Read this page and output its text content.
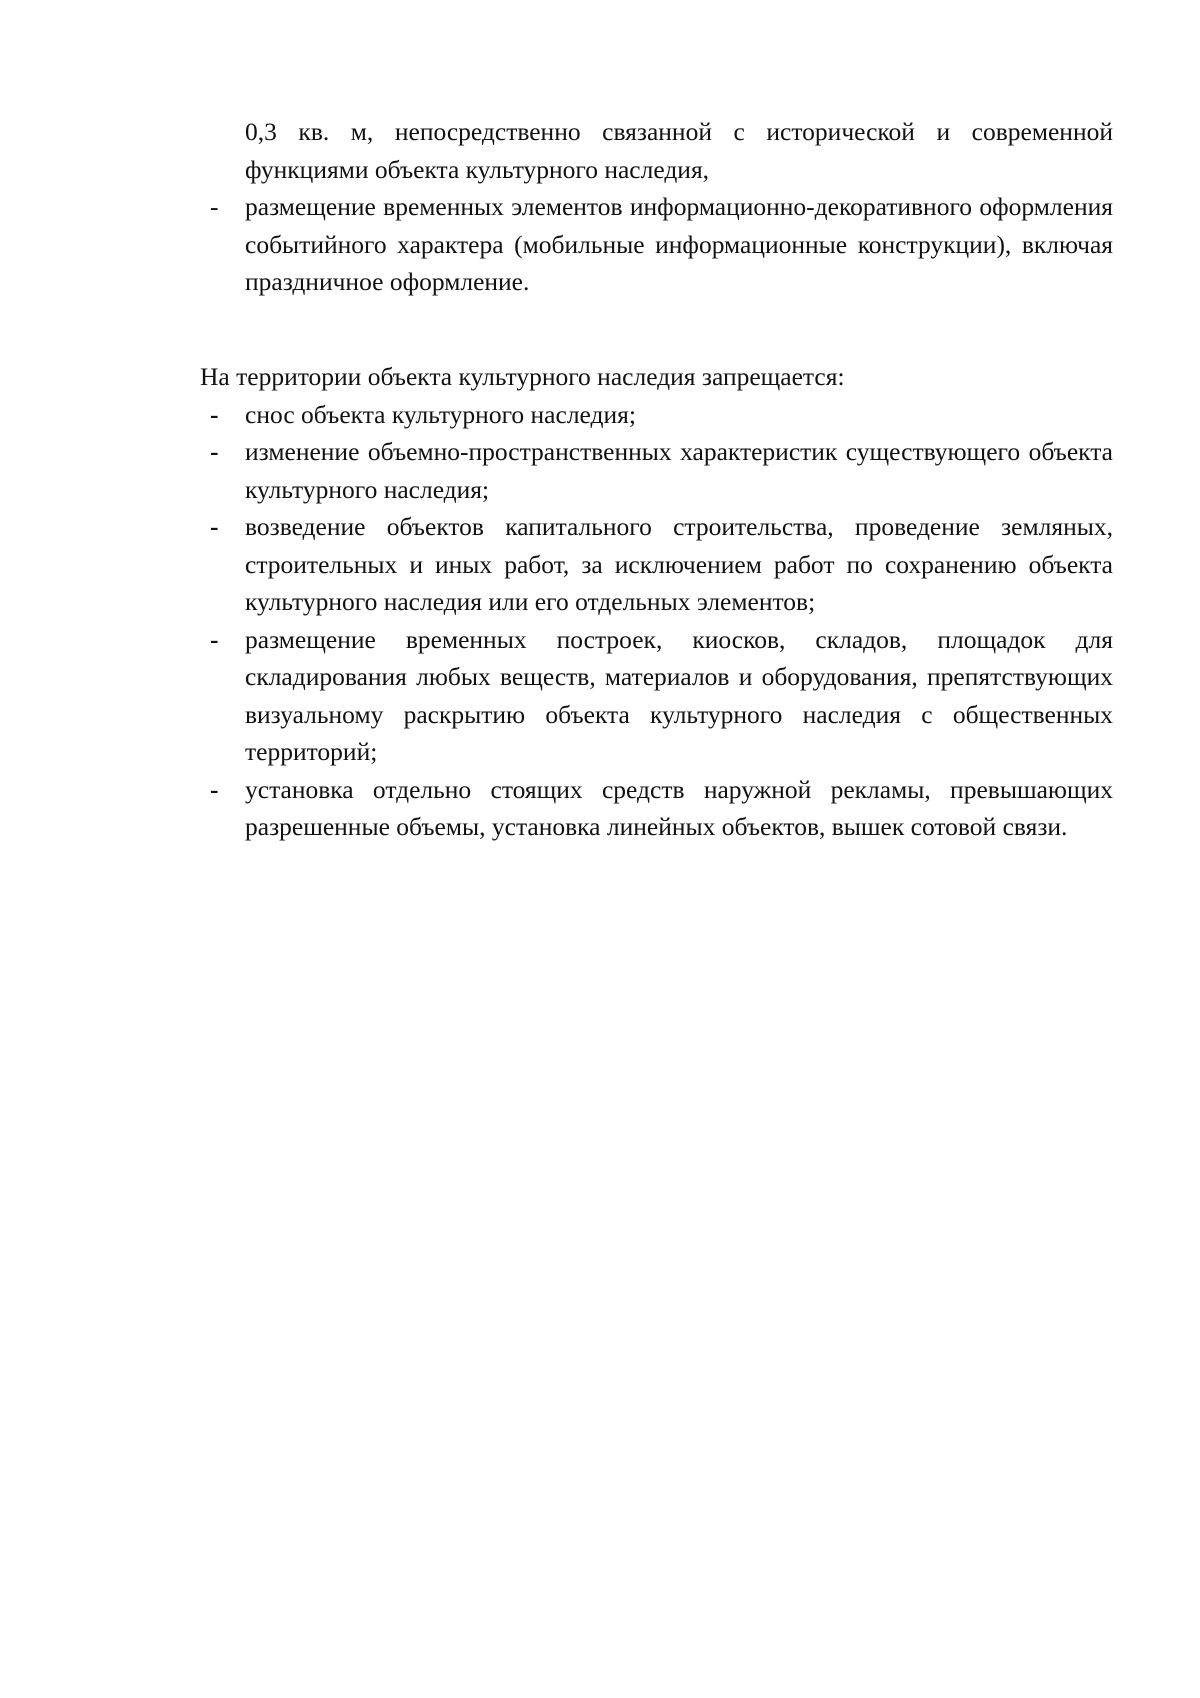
0,3 кв. м, непосредственно связанной с исторической и современной функциями объекта культурного наследия,
- размещение временных элементов информационно-декоративного оформления событийного характера (мобильные информационные конструкции), включая праздничное оформление.
На территории объекта культурного наследия запрещается:
- снос объекта культурного наследия;
- изменение объемно-пространственных характеристик существующего объекта культурного наследия;
- возведение объектов капитального строительства, проведение земляных, строительных и иных работ, за исключением работ по сохранению объекта культурного наследия или его отдельных элементов;
- размещение временных построек, киосков, складов, площадок для складирования любых веществ, материалов и оборудования, препятствующих визуальному раскрытию объекта культурного наследия с общественных территорий;
- установка отдельно стоящих средств наружной рекламы, превышающих разрешенные объемы, установка линейных объектов, вышек сотовой связи.
